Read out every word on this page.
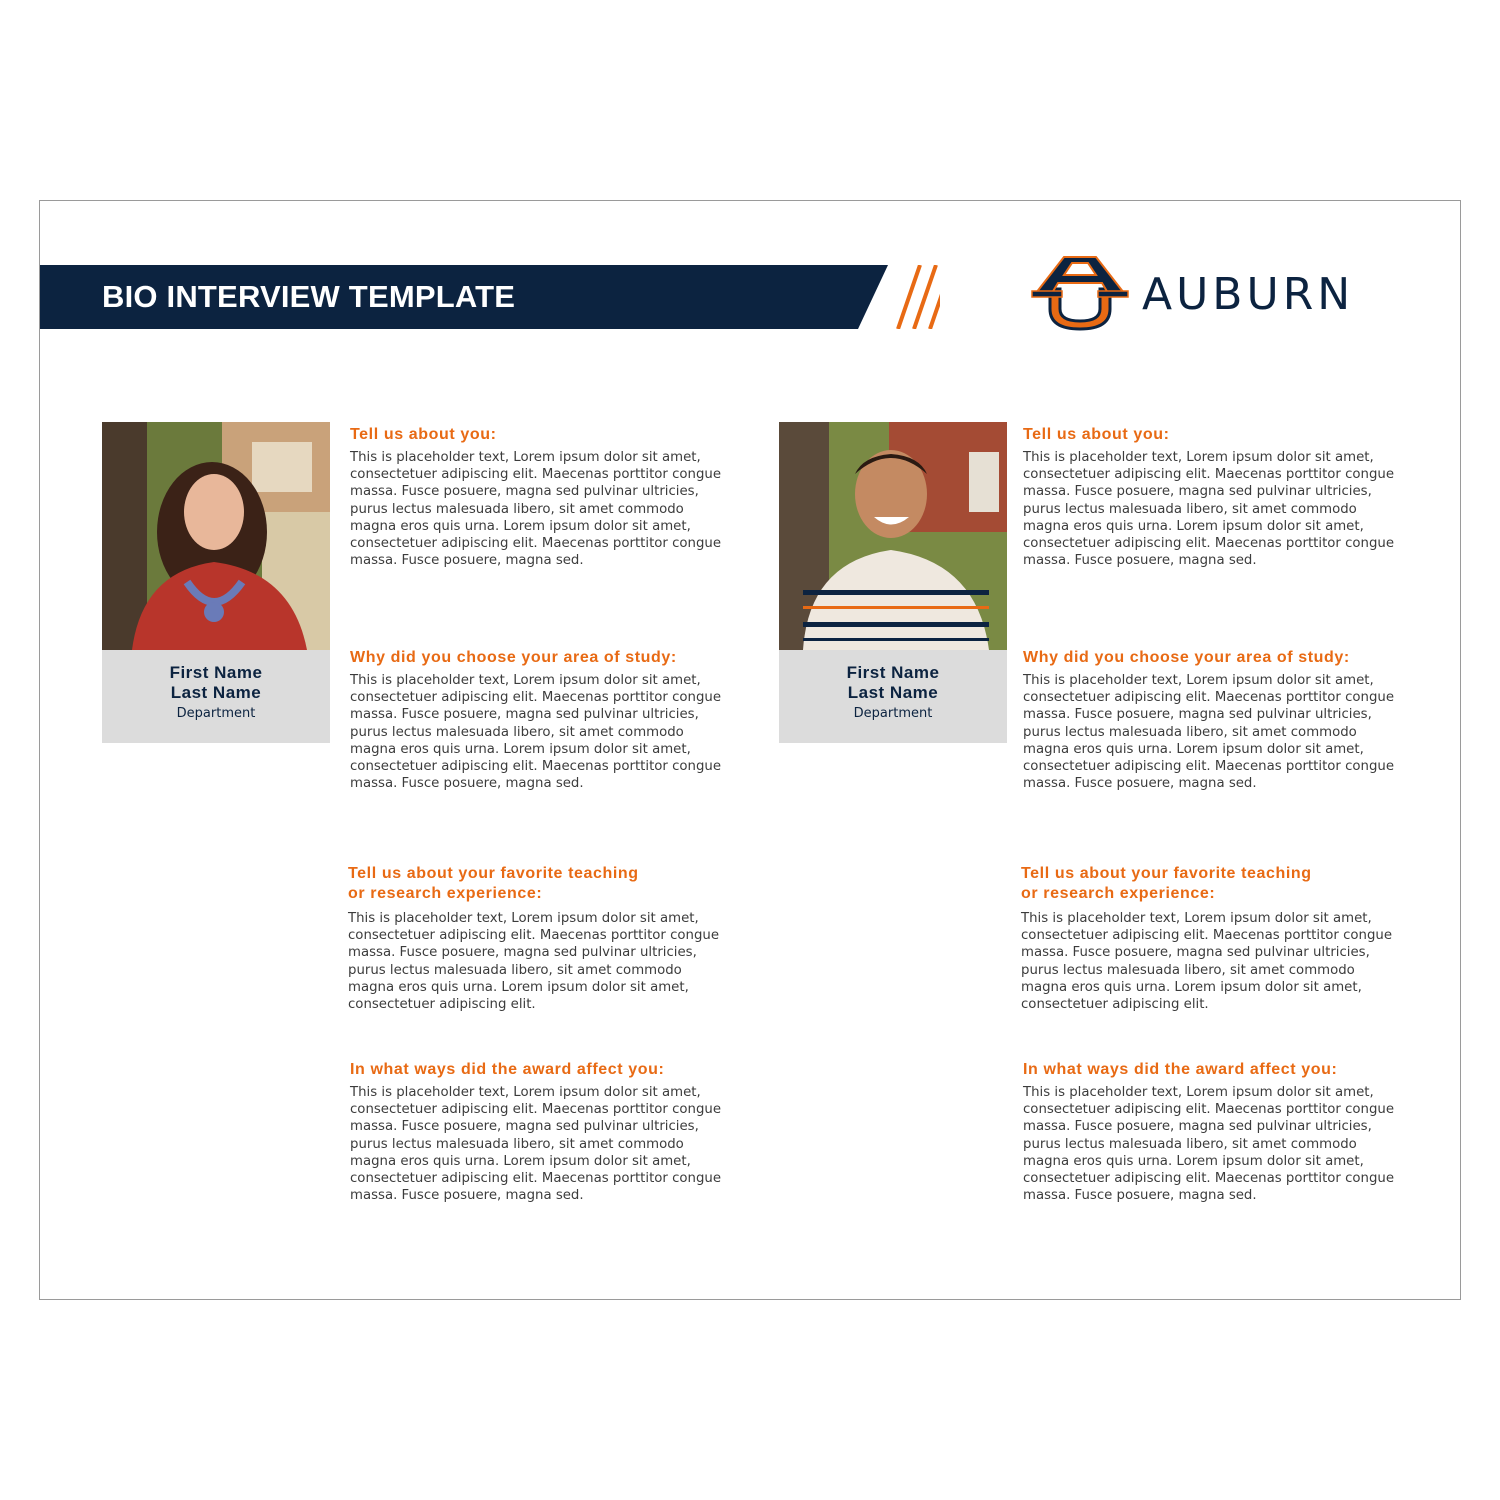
BIO INTERVIEW TEMPLATE	AUBURN
First Name
Last Name
Department
Tell us about you:
This is placeholder text, Lorem ipsum dolor sit amet, consectetuer adipiscing elit. Maecenas porttitor congue massa. Fusce posuere, magna sed pulvinar ultricies, purus lectus malesuada libero, sit amet commodo magna eros quis urna. Lorem ipsum dolor sit amet, consectetuer adipiscing elit. Maecenas porttitor congue massa. Fusce posuere, magna sed.
Why did you choose your area of study:
This is placeholder text, Lorem ipsum dolor sit amet, consectetuer adipiscing elit. Maecenas porttitor congue massa. Fusce posuere, magna sed pulvinar ultricies, purus lectus malesuada libero, sit amet commodo magna eros quis urna. Lorem ipsum dolor sit amet, consectetuer adipiscing elit. Maecenas porttitor congue massa. Fusce posuere, magna sed.
Tell us about your favorite teaching or research experience:
This is placeholder text, Lorem ipsum dolor sit amet, consectetuer adipiscing elit. Maecenas porttitor congue massa. Fusce posuere, magna sed pulvinar ultricies, purus lectus malesuada libero, sit amet commodo magna eros quis urna. Lorem ipsum dolor sit amet, consectetuer adipiscing elit.
In what ways did the award affect you:
This is placeholder text, Lorem ipsum dolor sit amet, consectetuer adipiscing elit. Maecenas porttitor congue massa. Fusce posuere, magna sed pulvinar ultricies, purus lectus malesuada libero, sit amet commodo magna eros quis urna. Lorem ipsum dolor sit amet, consectetuer adipiscing elit. Maecenas porttitor congue massa. Fusce posuere, magna sed.
First Name
Last Name
Department
Tell us about you:
This is placeholder text, Lorem ipsum dolor sit amet, consectetuer adipiscing elit. Maecenas porttitor congue massa. Fusce posuere, magna sed pulvinar ultricies, purus lectus malesuada libero, sit amet commodo magna eros quis urna. Lorem ipsum dolor sit amet, consectetuer adipiscing elit. Maecenas porttitor congue massa. Fusce posuere, magna sed.
Why did you choose your area of study:
This is placeholder text, Lorem ipsum dolor sit amet, consectetuer adipiscing elit. Maecenas porttitor congue massa. Fusce posuere, magna sed pulvinar ultricies, purus lectus malesuada libero, sit amet commodo magna eros quis urna. Lorem ipsum dolor sit amet, consectetuer adipiscing elit. Maecenas porttitor congue massa. Fusce posuere, magna sed.
Tell us about your favorite teaching or research experience:
This is placeholder text, Lorem ipsum dolor sit amet, consectetuer adipiscing elit. Maecenas porttitor congue massa. Fusce posuere, magna sed pulvinar ultricies, purus lectus malesuada libero, sit amet commodo magna eros quis urna. Lorem ipsum dolor sit amet, consectetuer adipiscing elit.
In what ways did the award affect you:
This is placeholder text, Lorem ipsum dolor sit amet, consectetuer adipiscing elit. Maecenas porttitor congue massa. Fusce posuere, magna sed pulvinar ultricies, purus lectus malesuada libero, sit amet commodo magna eros quis urna. Lorem ipsum dolor sit amet, consectetuer adipiscing elit. Maecenas porttitor congue massa. Fusce posuere, magna sed.
